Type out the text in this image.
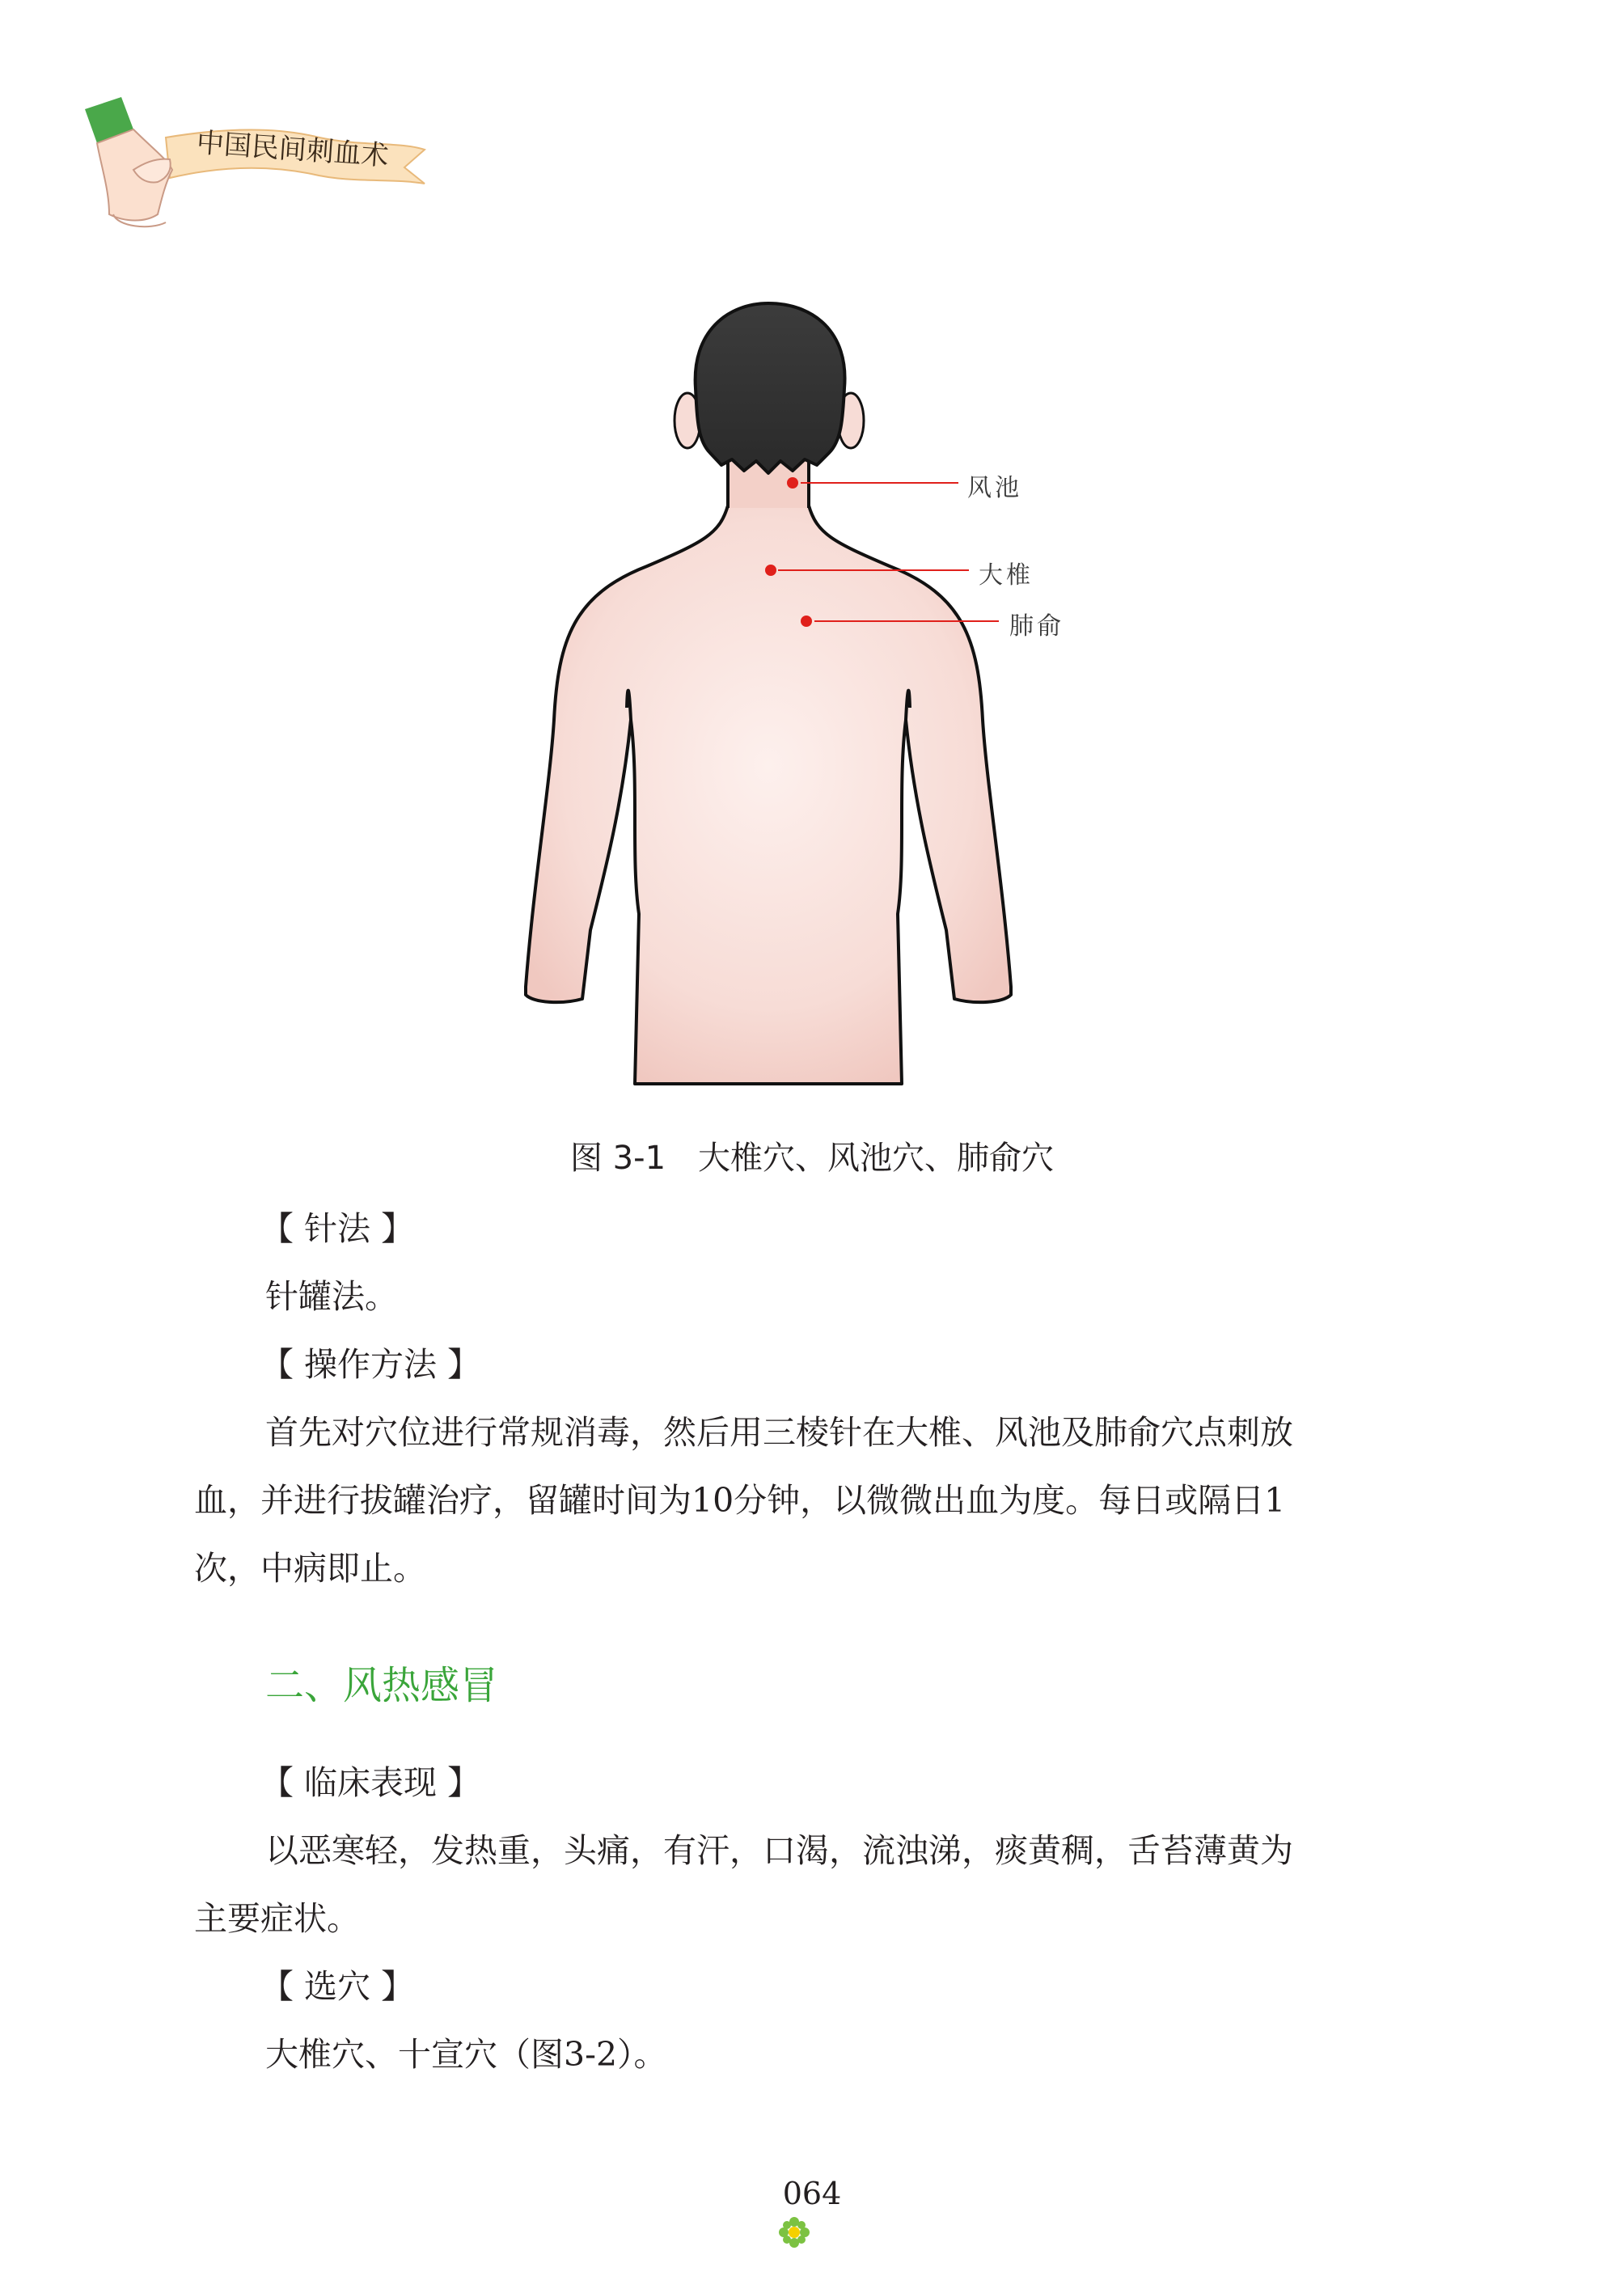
中国民间刺血术
风池
大椎
肺俞
图 3-1　大椎穴、风池穴、肺俞穴
【 针法 】
针罐法。
【 操作方法 】
首先对穴位进行常规消毒，然后用三棱针在大椎、风池及肺俞穴点刺放
血，并进行拔罐治疗，留罐时间为10分钟，以微微出血为度。每日或隔日1
次，中病即止。
二、风热感冒
【 临床表现 】
以恶寒轻，发热重，头痛，有汗，口渴，流浊涕，痰黄稠，舌苔薄黄为
主要症状。
【 选穴 】
大椎穴、十宣穴（图3-2）。
064
